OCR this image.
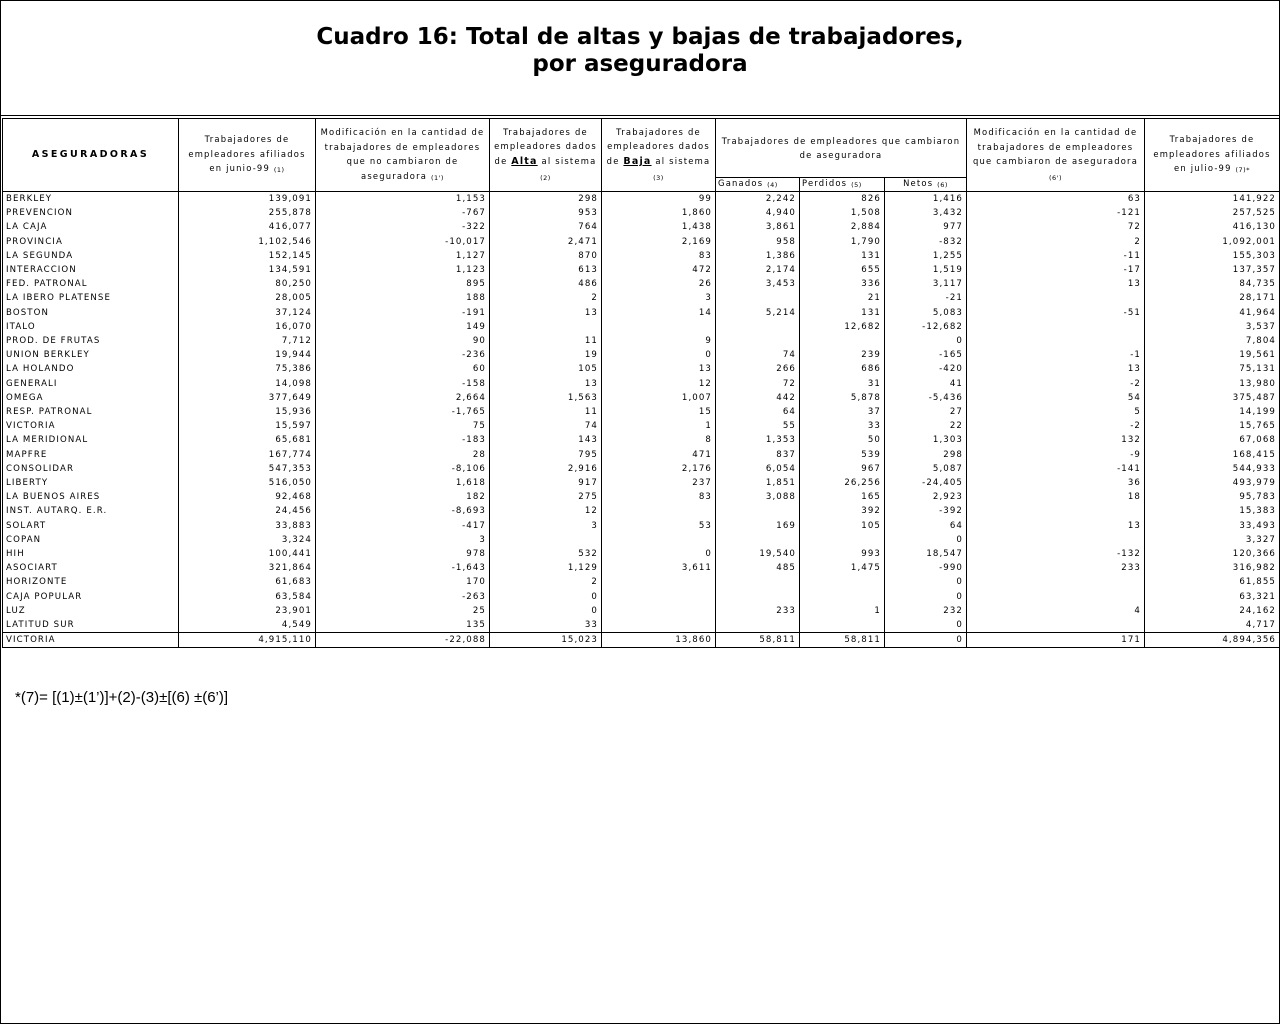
Cuadro 16: Total de altas y bajas de trabajadores,
por aseguradora
ASEGURADORAS	Trabajadores de empleadores afiliados en junio-99 (1)	Modificación en la cantidad de trabajadores de empleadores que no cambiaron de aseguradora (1')	Trabajadores de empleadores dados de Alta al sistema (2)	Trabajadores de empleadores dados de Baja al sistema (3)	Trabajadores de empleadores que cambiaron de aseguradora			Modificación en la cantidad de trabajadores de empleadores que cambiaron de aseguradora (6')	Trabajadores de empleadores afiliados en julio-99 (7)*
					Ganados (4)	Perdidos (5)	Netos (6)		
BERKLEY	139,091	1,153	298	99	2,242	826	1,416	63	141,922
PREVENCION	255,878	-767	953	1,860	4,940	1,508	3,432	-121	257,525
LA CAJA	416,077	-322	764	1,438	3,861	2,884	977	72	416,130
PROVINCIA	1,102,546	-10,017	2,471	2,169	958	1,790	-832	2	1,092,001
LA SEGUNDA	152,145	1,127	870	83	1,386	131	1,255	-11	155,303
INTERACCION	134,591	1,123	613	472	2,174	655	1,519	-17	137,357
FED. PATRONAL	80,250	895	486	26	3,453	336	3,117	13	84,735
LA IBERO PLATENSE	28,005	188	2	3		21	-21		28,171
BOSTON	37,124	-191	13	14	5,214	131	5,083	-51	41,964
ITALO	16,070	149				12,682	-12,682		3,537
PROD. DE FRUTAS	7,712	90	11	9			0		7,804
UNION BERKLEY	19,944	-236	19	0	74	239	-165	-1	19,561
LA HOLANDO	75,386	60	105	13	266	686	-420	13	75,131
GENERALI	14,098	-158	13	12	72	31	41	-2	13,980
OMEGA	377,649	2,664	1,563	1,007	442	5,878	-5,436	54	375,487
RESP. PATRONAL	15,936	-1,765	11	15	64	37	27	5	14,199
VICTORIA	15,597	75	74	1	55	33	22	-2	15,765
LA MERIDIONAL	65,681	-183	143	8	1,353	50	1,303	132	67,068
MAPFRE	167,774	28	795	471	837	539	298	-9	168,415
CONSOLIDAR	547,353	-8,106	2,916	2,176	6,054	967	5,087	-141	544,933
LIBERTY	516,050	1,618	917	237	1,851	26,256	-24,405	36	493,979
LA BUENOS AIRES	92,468	182	275	83	3,088	165	2,923	18	95,783
INST. AUTARQ. E.R.	24,456	-8,693	12			392	-392		15,383
SOLART	33,883	-417	3	53	169	105	64	13	33,493
COPAN	3,324	3					0		3,327
HIH	100,441	978	532	0	19,540	993	18,547	-132	120,366
ASOCIART	321,864	-1,643	1,129	3,611	485	1,475	-990	233	316,982
HORIZONTE	61,683	170	2				0		61,855
CAJA POPULAR	63,584	-263	0				0		63,321
LUZ	23,901	25	0		233	1	232	4	24,162
LATITUD SUR	4,549	135	33				0		4,717
VICTORIA	4,915,110	-22,088	15,023	13,860	58,811	58,811	0	171	4,894,356
*(7)= [(1)±(1’)]+(2)-(3)±[(6) ±(6’)]
